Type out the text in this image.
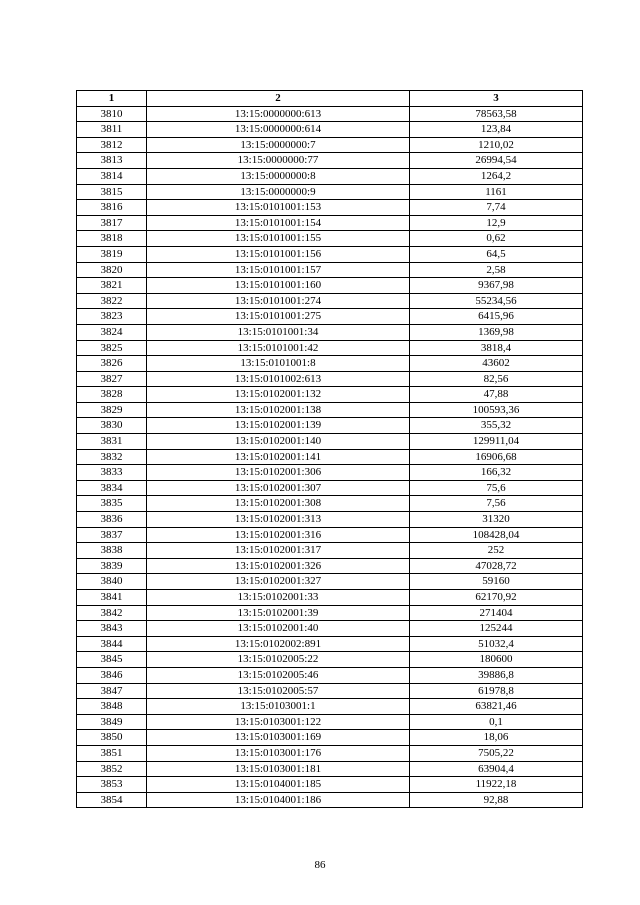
1	2	3
3810	13:15:0000000:613	78563,58
3811	13:15:0000000:614	123,84
3812	13:15:0000000:7	1210,02
3813	13:15:0000000:77	26994,54
3814	13:15:0000000:8	1264,2
3815	13:15:0000000:9	1161
3816	13:15:0101001:153	7,74
3817	13:15:0101001:154	12,9
3818	13:15:0101001:155	0,62
3819	13:15:0101001:156	64,5
3820	13:15:0101001:157	2,58
3821	13:15:0101001:160	9367,98
3822	13:15:0101001:274	55234,56
3823	13:15:0101001:275	6415,96
3824	13:15:0101001:34	1369,98
3825	13:15:0101001:42	3818,4
3826	13:15:0101001:8	43602
3827	13:15:0101002:613	82,56
3828	13:15:0102001:132	47,88
3829	13:15:0102001:138	100593,36
3830	13:15:0102001:139	355,32
3831	13:15:0102001:140	129911,04
3832	13:15:0102001:141	16906,68
3833	13:15:0102001:306	166,32
3834	13:15:0102001:307	75,6
3835	13:15:0102001:308	7,56
3836	13:15:0102001:313	31320
3837	13:15:0102001:316	108428,04
3838	13:15:0102001:317	252
3839	13:15:0102001:326	47028,72
3840	13:15:0102001:327	59160
3841	13:15:0102001:33	62170,92
3842	13:15:0102001:39	271404
3843	13:15:0102001:40	125244
3844	13:15:0102002:891	51032,4
3845	13:15:0102005:22	180600
3846	13:15:0102005:46	39886,8
3847	13:15:0102005:57	61978,8
3848	13:15:0103001:1	63821,46
3849	13:15:0103001:122	0,1
3850	13:15:0103001:169	18,06
3851	13:15:0103001:176	7505,22
3852	13:15:0103001:181	63904,4
3853	13:15:0104001:185	11922,18
3854	13:15:0104001:186	92,88
86
